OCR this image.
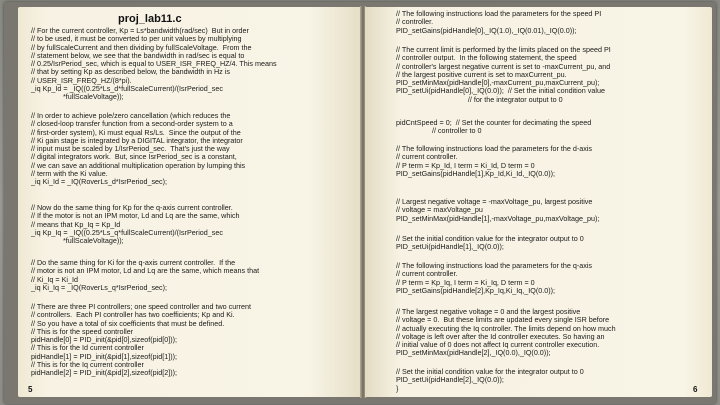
proj_lab11.c
// For the current controller, Kp = Ls*bandwidth(rad/sec)  But in order
// to be used, it must be converted to per unit values by multiplying
// by fullScaleCurrent and then dividing by fullScaleVoltage.  From the
// statement below, we see that the bandwidth in rad/sec is equal to
// 0.25/IsrPeriod_sec, which is equal to USER_ISR_FREQ_HZ/4. This means
// that by setting Kp as described below, the bandwidth in Hz is
// USER_ISR_FREQ_HZ/(8*pi).
_iq Kp_Id = _IQ((0.25*Ls_d*fullScaleCurrent)/(IsrPeriod_sec
*fullScaleVoltage));
// In order to achieve pole/zero cancellation (which reduces the
// closed-loop transfer function from a second-order system to a
// first-order system), Ki must equal Rs/Ls.  Since the output of the
// Ki gain stage is integrated by a DIGITAL integrator, the integrator
// input must be scaled by 1/IsrPeriod_sec.  That's just the way
// digital integrators work.  But, since IsrPeriod_sec is a constant,
// we can save an additional multiplication operation by lumping this
// term with the Ki value.
_iq Ki_Id = _IQ(RoverLs_d*IsrPeriod_sec);
// Now do the same thing for Kp for the q-axis current controller.
// If the motor is not an IPM motor, Ld and Lq are the same, which
// means that Kp_Iq = Kp_Id
_iq Kp_Iq = _IQ((0.25*Ls_q*fullScaleCurrent)/(IsrPeriod_sec
*fullScaleVoltage));
// Do the same thing for Ki for the q-axis current controller.  If the
// motor is not an IPM motor, Ld and Lq are the same, which means that
// Ki_Iq = Ki_Id
_iq Ki_Iq = _IQ(RoverLs_q*IsrPeriod_sec);
// There are three PI controllers; one speed controller and two current
// controllers.  Each PI controller has two coefficients; Kp and Ki.
// So you have a total of six coefficients that must be defined.
// This is for the speed controller
pidHandle[0] = PID_init(&pid[0],sizeof(pid[0]));
// This is for the Id current controller
pidHandle[1] = PID_init(&pid[1],sizeof(pid[1]));
// This is for the Iq current controller
pidHandle[2] = PID_init(&pid[2],sizeof(pid[2]));
5
// The following instructions load the parameters for the speed PI
// controller.
PID_setGains(pidHandle[0],_IQ(1.0),_IQ(0.01),_IQ(0.0));
// The current limit is performed by the limits placed on the speed PI
// controller output.  In the following statement, the speed
// controller's largest negative current is set to -maxCurrent_pu, and
// the largest positive current is set to maxCurrent_pu.
PID_setMinMax(pidHandle[0],-maxCurrent_pu,maxCurrent_pu);
PID_setUi(pidHandle[0],_IQ(0.0));  // Set the initial condition value
// for the integrator output to 0
pidCntSpeed = 0;  // Set the counter for decimating the speed
// controller to 0
// The following instructions load the parameters for the d-axis
// current controller.
// P term = Kp_Id, I term = Ki_Id, D term = 0
PID_setGains(pidHandle[1],Kp_Id,Ki_Id,_IQ(0.0));
// Largest negative voltage = -maxVoltage_pu, largest positive
// voltage = maxVoltage_pu
PID_setMinMax(pidHandle[1],-maxVoltage_pu,maxVoltage_pu);
// Set the initial condition value for the integrator output to 0
PID_setUi(pidHandle[1],_IQ(0.0));
// The following instructions load the parameters for the q-axis
// current controller.
// P term = Kp_Iq, I term = Ki_Iq, D term = 0
PID_setGains(pidHandle[2],Kp_Iq,Ki_Iq,_IQ(0.0));
// The largest negative voltage = 0 and the largest positive
// voltage = 0.  But these limits are updated every single ISR before
// actually executing the Iq controller. The limits depend on how much
// voltage is left over after the Id controller executes. So having an
// initial value of 0 does not affect Iq current controller execution.
PID_setMinMax(pidHandle[2],_IQ(0.0),_IQ(0.0));
// Set the initial condition value for the integrator output to 0
PID_setUi(pidHandle[2],_IQ(0.0));
}	6
